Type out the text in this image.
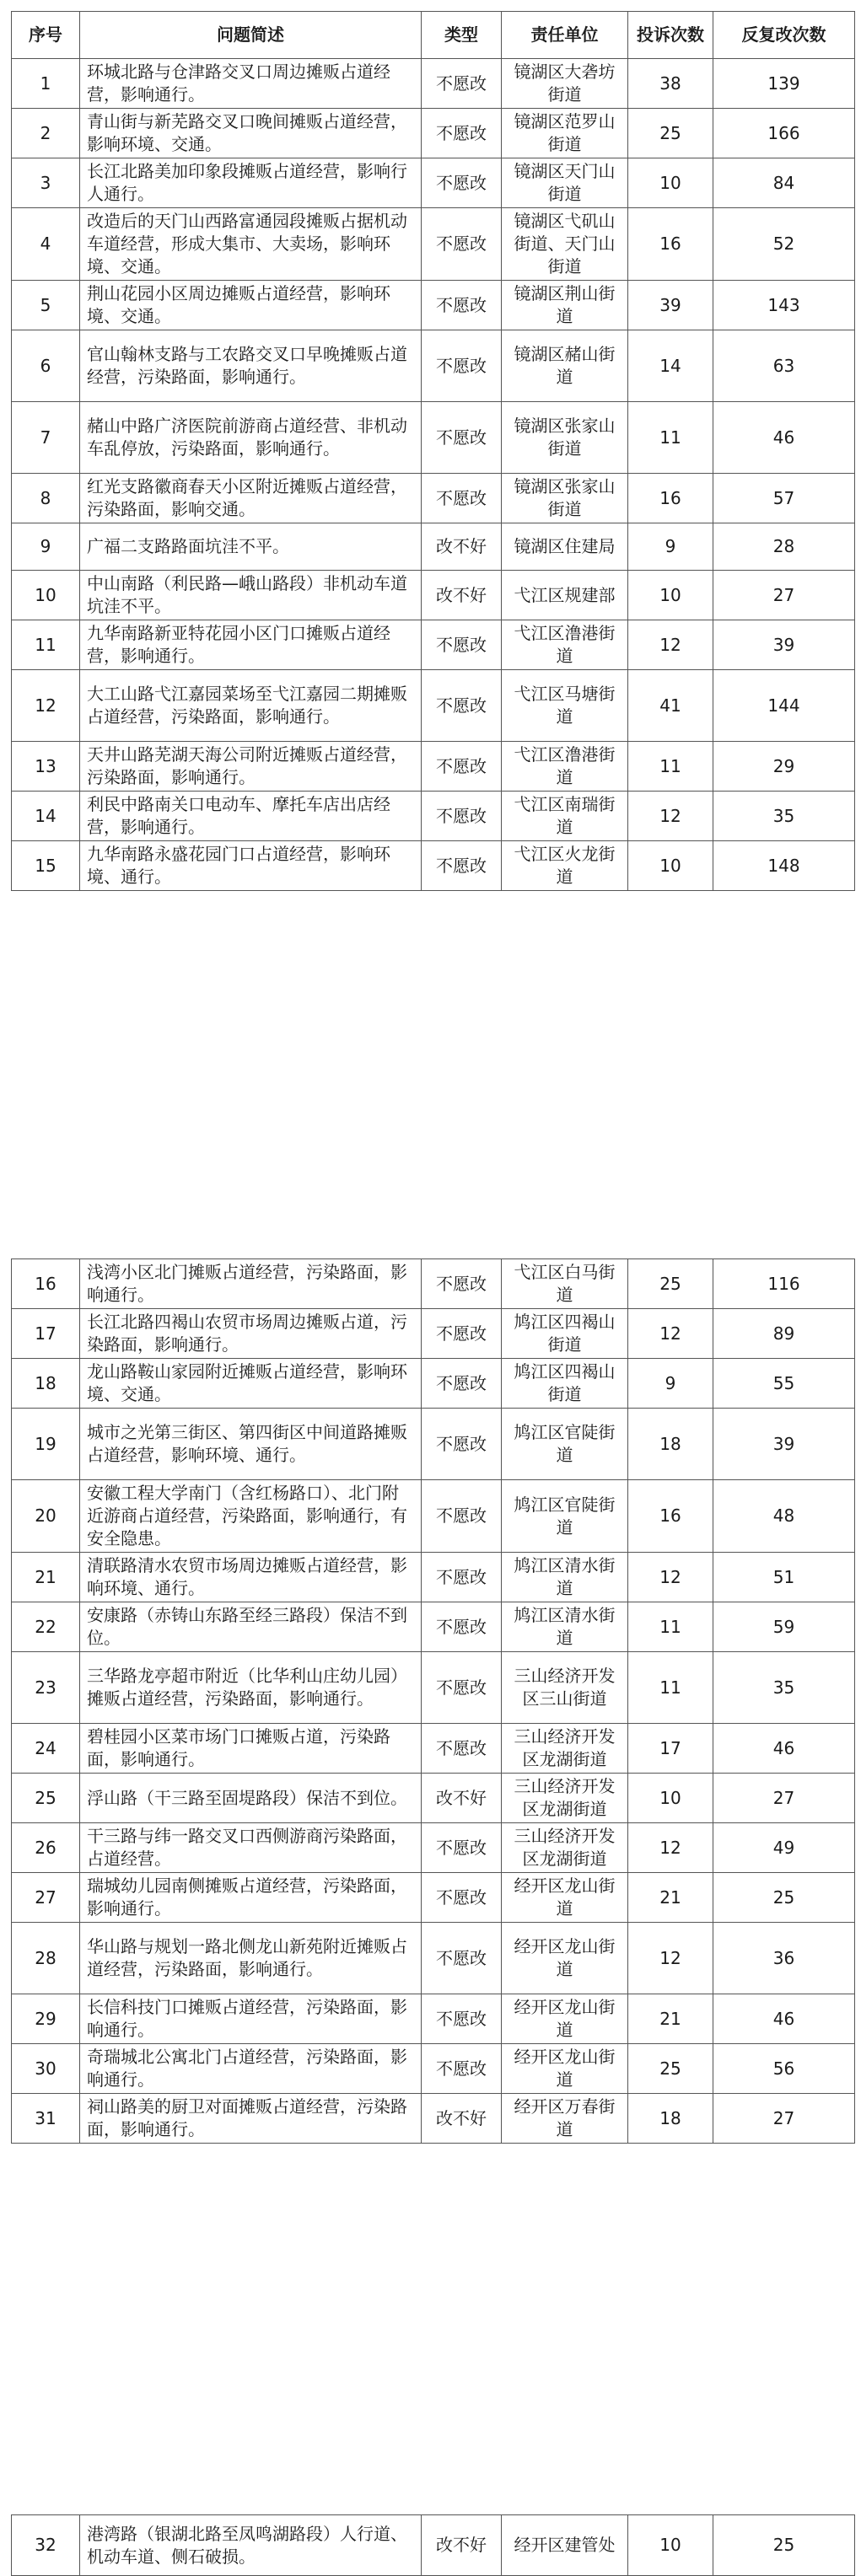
序号	问题简述	类型	责任单位	投诉次数	反复改次数
1	环城北路与仓津路交叉口周边摊贩占道经营，影响通行。	不愿改	镜湖区大砻坊街道	38	139
2	青山街与新芜路交叉口晚间摊贩占道经营，影响环境、交通。	不愿改	镜湖区范罗山街道	25	166
3	长江北路美加印象段摊贩占道经营，影响行人通行。	不愿改	镜湖区天门山街道	10	84
4	改造后的天门山西路富通园段摊贩占据机动车道经营，形成大集市、大卖场，影响环境、交通。	不愿改	镜湖区弋矶山街道、天门山街道	16	52
5	荆山花园小区周边摊贩占道经营，影响环境、交通。	不愿改	镜湖区荆山街道	39	143
6	官山翰林支路与工农路交叉口早晚摊贩占道经营，污染路面，影响通行。	不愿改	镜湖区赭山街道	14	63
7	赭山中路广济医院前游商占道经营、非机动车乱停放，污染路面，影响通行。	不愿改	镜湖区张家山街道	11	46
8	红光支路徽商春天小区附近摊贩占道经营，污染路面，影响交通。	不愿改	镜湖区张家山街道	16	57
9	广福二支路路面坑洼不平。	改不好	镜湖区住建局	9	28
10	中山南路（利民路—峨山路段）非机动车道坑洼不平。	改不好	弋江区规建部	10	27
11	九华南路新亚特花园小区门口摊贩占道经营，影响通行。	不愿改	弋江区澛港街道	12	39
12	大工山路弋江嘉园菜场至弋江嘉园二期摊贩占道经营，污染路面，影响通行。	不愿改	弋江区马塘街道	41	144
13	天井山路芜湖天海公司附近摊贩占道经营，污染路面，影响通行。	不愿改	弋江区澛港街道	11	29
14	利民中路南关口电动车、摩托车店出店经营，影响通行。	不愿改	弋江区南瑞街道	12	35
15	九华南路永盛花园门口占道经营，影响环境、通行。	不愿改	弋江区火龙街道	10	148
16	浅湾小区北门摊贩占道经营，污染路面，影响通行。	不愿改	弋江区白马街道	25	116
17	长江北路四褐山农贸市场周边摊贩占道，污染路面，影响通行。	不愿改	鸠江区四褐山街道	12	89
18	龙山路鞍山家园附近摊贩占道经营，影响环境、交通。	不愿改	鸠江区四褐山街道	9	55
19	城市之光第三街区、第四街区中间道路摊贩占道经营，影响环境、通行。	不愿改	鸠江区官陡街道	18	39
20	安徽工程大学南门（含红杨路口）、北门附近游商占道经营，污染路面，影响通行，有安全隐患。	不愿改	鸠江区官陡街道	16	48
21	清联路清水农贸市场周边摊贩占道经营，影响环境、通行。	不愿改	鸠江区清水街道	12	51
22	安康路（赤铸山东路至经三路段）保洁不到位。	不愿改	鸠江区清水街道	11	59
23	三华路龙亭超市附近（比华利山庄幼儿园）摊贩占道经营，污染路面，影响通行。	不愿改	三山经济开发区三山街道	11	35
24	碧桂园小区菜市场门口摊贩占道，污染路面，影响通行。	不愿改	三山经济开发区龙湖街道	17	46
25	浮山路（干三路至固堤路段）保洁不到位。	改不好	三山经济开发区龙湖街道	10	27
26	干三路与纬一路交叉口西侧游商污染路面，占道经营。	不愿改	三山经济开发区龙湖街道	12	49
27	瑞城幼儿园南侧摊贩占道经营，污染路面，影响通行。	不愿改	经开区龙山街道	21	25
28	华山路与规划一路北侧龙山新苑附近摊贩占道经营，污染路面，影响通行。	不愿改	经开区龙山街道	12	36
29	长信科技门口摊贩占道经营，污染路面，影响通行。	不愿改	经开区龙山街道	21	46
30	奇瑞城北公寓北门占道经营，污染路面，影响通行。	不愿改	经开区龙山街道	25	56
31	祠山路美的厨卫对面摊贩占道经营，污染路面，影响通行。	改不好	经开区万春街道	18	27
32	港湾路（银湖北路至凤鸣湖路段）人行道、机动车道、侧石破损。	改不好	经开区建管处	10	25
